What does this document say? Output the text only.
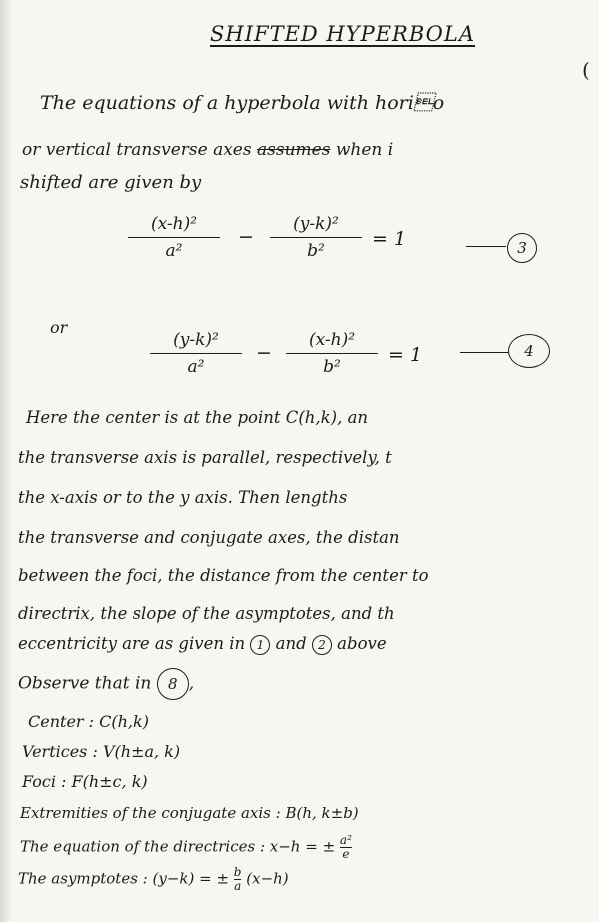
SHIFTED HYPERBOLA
(
The equations of a hyperbola with horio
or vertical transverse axes assumes when i
shifted are given by
(x-h)²
a²
−
(y-k)²
b²
= 1	3
or
(y-k)²
a²
−
(x-h)²
b²
= 1	4
Here the center is at the point C(h,k), an
the transverse axis is parallel, respectively, t
the x-axis or to the y axis. Then lengths
the transverse and conjugate axes, the distan
between the foci, the distance from the center to
directrix, the slope of the asymptotes, and th
eccentricity are as given in 1 and 2 above
Observe that in 8 ,
Center : C(h,k)
Vertices : V(h±a, k)
Foci : F(h±c, k)
Extremities of the conjugate axis : B(h, k±b)
The equation of the directrices : x−h = ± $\frac{\text{a²}}{e}$
The asymptotes : (y−k) = ± $\frac{b}{a} (x-h)$
